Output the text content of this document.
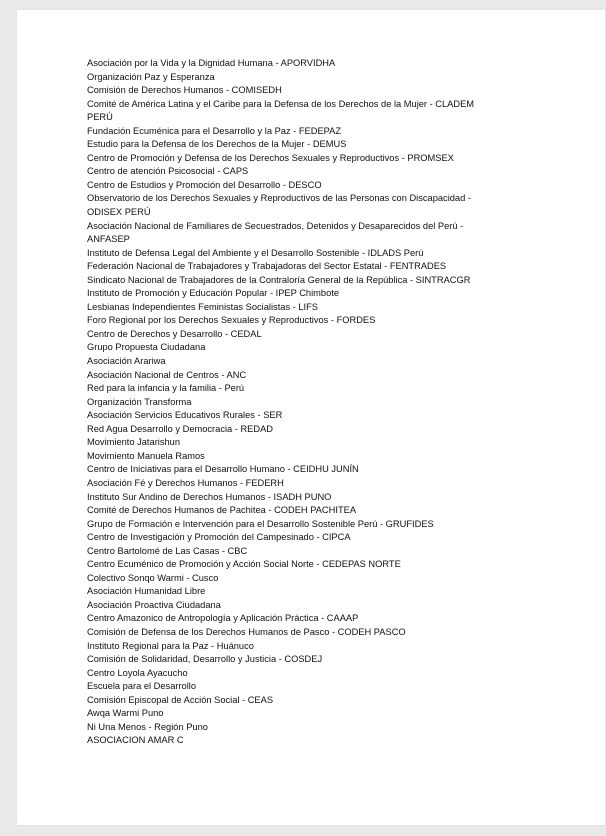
Asociación por la Vida y la Dignidad Humana - APORVIDHA
Organización Paz y Esperanza
Comisión de Derechos Humanos - COMISEDH
Comité de América Latina y el Caribe para la Defensa de los Derechos de la Mujer - CLADEM
PERÚ
Fundación Ecuménica para el Desarrollo y la Paz - FEDEPAZ
Estudio para la Defensa de los Derechos de la Mujer - DEMUS
Centro de Promoción y Defensa de los Derechos Sexuales y Reproductivos - PROMSEX
Centro de atención Psicosocial - CAPS
Centro de Estudios y Promoción del Desarrollo - DESCO
Observatorio de los Derechos Sexuales y Reproductivos de las Personas con Discapacidad -
ODISEX PERÚ
Asociación Nacional de Familiares de Secuestrados, Detenidos y Desaparecidos del Perú -
ANFASEP
Instituto de Defensa Legal del Ambiente y el Desarrollo Sostenible - IDLADS Perú
Federación Nacional de Trabajadores y Trabajadoras del Sector Estatal - FENTRADES
Sindicato Nacional de Trabajadores de la Contraloría General de la República - SINTRACGR
Instituto de Promoción y Educación Popular - IPEP Chimbote
Lesbianas Independientes Feministas Socialistas - LIFS
Foro Regional por los Derechos Sexuales y Reproductivos - FORDES
Centro de Derechos y Desarrollo - CEDAL
Grupo Propuesta Ciudadana
Asociación Arariwa
Asociación Nacional de Centros - ANC
Red para la infancia y la familia - Perú
Organización Transforma
Asociación Servicios Educativos Rurales - SER
Red Agua Desarrollo y Democracia - REDAD
Movimiento Jatarishun
Movimiento Manuela Ramos
Centro de Iniciativas para el Desarrollo Humano - CEIDHU JUNÍN
Asociación Fé y Derechos Humanos - FEDERH
Instituto Sur Andino de Derechos Humanos - ISADH PUNO
Comité de Derechos Humanos de Pachitea - CODEH PACHITEA
Grupo de Formación e Intervención para el Desarrollo Sostenible Perú - GRUFIDES
Centro de Investigación y Promoción del Campesinado - CIPCA
Centro Bartolomé de Las Casas - CBC
Centro Ecuménico de Promoción y Acción Social Norte - CEDEPAS NORTE
Colectivo Sonqo Warmi - Cusco
Asociación Humanidad Libre
Asociación Proactiva Ciudadana
Centro Amazonico de Antropología y Aplicación Práctica - CAAAP
Comisión de Defensa de los Derechos Humanos de Pasco - CODEH PASCO
Instituto Regional para la Paz - Huánuco
Comisión de Solidaridad, Desarrollo y Justicia - COSDEJ
Centro Loyola Ayacucho
Escuela para el Desarrollo
Comisión Episcopal de Acción Social - CEAS
Awqa Warmi Puno
Ni Una Menos - Región Puno
ASOCIACION AMAR C
